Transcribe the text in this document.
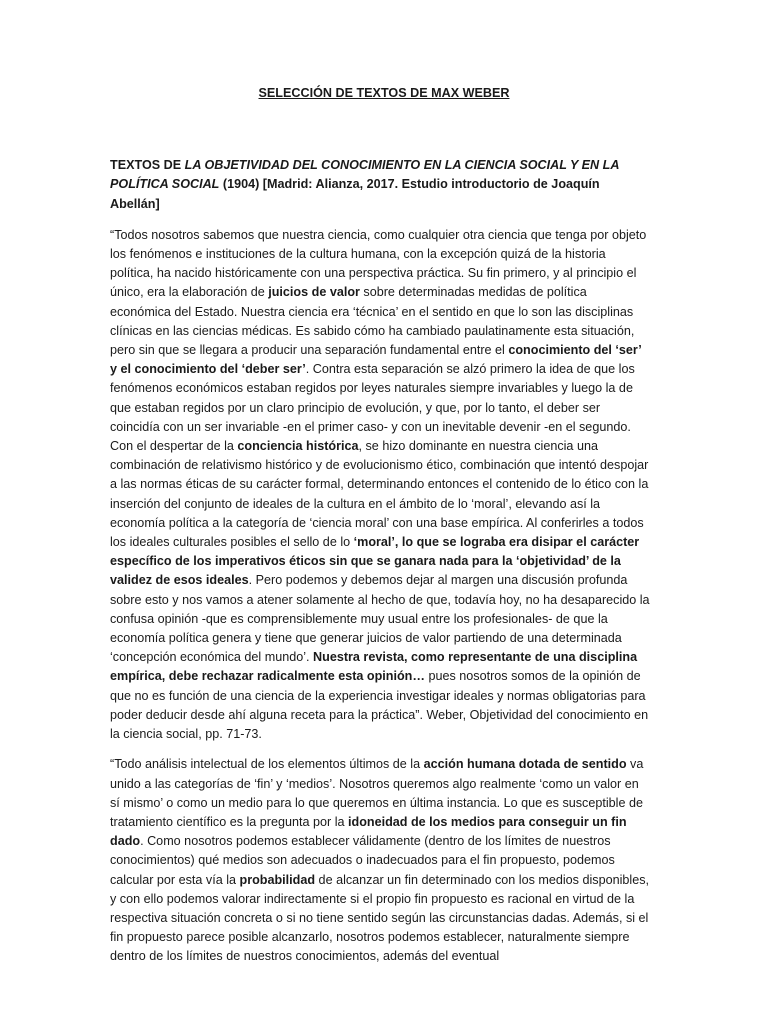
SELECCIÓN DE TEXTOS DE MAX WEBER
TEXTOS DE LA OBJETIVIDAD DEL CONOCIMIENTO EN LA CIENCIA SOCIAL Y EN LA POLÍTICA SOCIAL (1904) [Madrid: Alianza, 2017. Estudio introductorio de Joaquín Abellán]

“Todos nosotros sabemos que nuestra ciencia, como cualquier otra ciencia que tenga por objeto los fenómenos e instituciones de la cultura humana, con la excepción quizá de la historia política, ha nacido históricamente con una perspectiva práctica. Su fin primero, y al principio el único, era la elaboración de juicios de valor sobre determinadas medidas de política económica del Estado. Nuestra ciencia era ‘técnica’ en el sentido en que lo son las disciplinas clínicas en las ciencias médicas. Es sabido cómo ha cambiado paulatinamente esta situación, pero sin que se llegara a producir una separación fundamental entre el conocimiento del ‘ser’ y el conocimiento del ‘deber ser’. Contra esta separación se alzó primero la idea de que los fenómenos económicos estaban regidos por leyes naturales siempre invariables y luego la de que estaban regidos por un claro principio de evolución, y que, por lo tanto, el deber ser coincidía con un ser invariable -en el primer caso- y con un inevitable devenir -en el segundo. Con el despertar de la conciencia histórica, se hizo dominante en nuestra ciencia una combinación de relativismo histórico y de evolucionismo ético, combinación que intentó despojar a las normas éticas de su carácter formal, determinando entonces el contenido de lo ético con la inserción del conjunto de ideales de la cultura en el ámbito de lo ‘moral’, elevando así la economía política a la categoría de ‘ciencia moral’ con una base empírica. Al conferirles a todos los ideales culturales posibles el sello de lo ‘moral’, lo que se lograba era disipar el carácter específico de los imperativos éticos sin que se ganara nada para la ‘objetividad’ de la validez de esos ideales. Pero podemos y debemos dejar al margen una discusión profunda sobre esto y nos vamos a atener solamente al hecho de que, todavía hoy, no ha desaparecido la confusa opinión -que es comprensiblemente muy usual entre los profesionales- de que la economía política genera y tiene que generar juicios de valor partiendo de una determinada ‘concepción económica del mundo’. Nuestra revista, como representante de una disciplina empírica, debe rechazar radicalmente esta opinión… pues nosotros somos de la opinión de que no es función de una ciencia de la experiencia investigar ideales y normas obligatorias para poder deducir desde ahí alguna receta para la práctica”. Weber, Objetividad del conocimiento en la ciencia social, pp. 71-73.

“Todo análisis intelectual de los elementos últimos de la acción humana dotada de sentido va unido a las categorías de ‘fin’ y ‘medios’. Nosotros queremos algo realmente ‘como un valor en sí mismo’ o como un medio para lo que queremos en última instancia. Lo que es susceptible de tratamiento científico es la pregunta por la idoneidad de los medios para conseguir un fin dado. Como nosotros podemos establecer válidamente (dentro de los límites de nuestros conocimientos) qué medios son adecuados o inadecuados para el fin propuesto, podemos calcular por esta vía la probabilidad de alcanzar un fin determinado con los medios disponibles, y con ello podemos valorar indirectamente si el propio fin propuesto es racional en virtud de la respectiva situación concreta o si no tiene sentido según las circunstancias dadas. Además, si el fin propuesto parece posible alcanzarlo, nosotros podemos establecer, naturalmente siempre dentro de los límites de nuestros conocimientos, además del eventual
